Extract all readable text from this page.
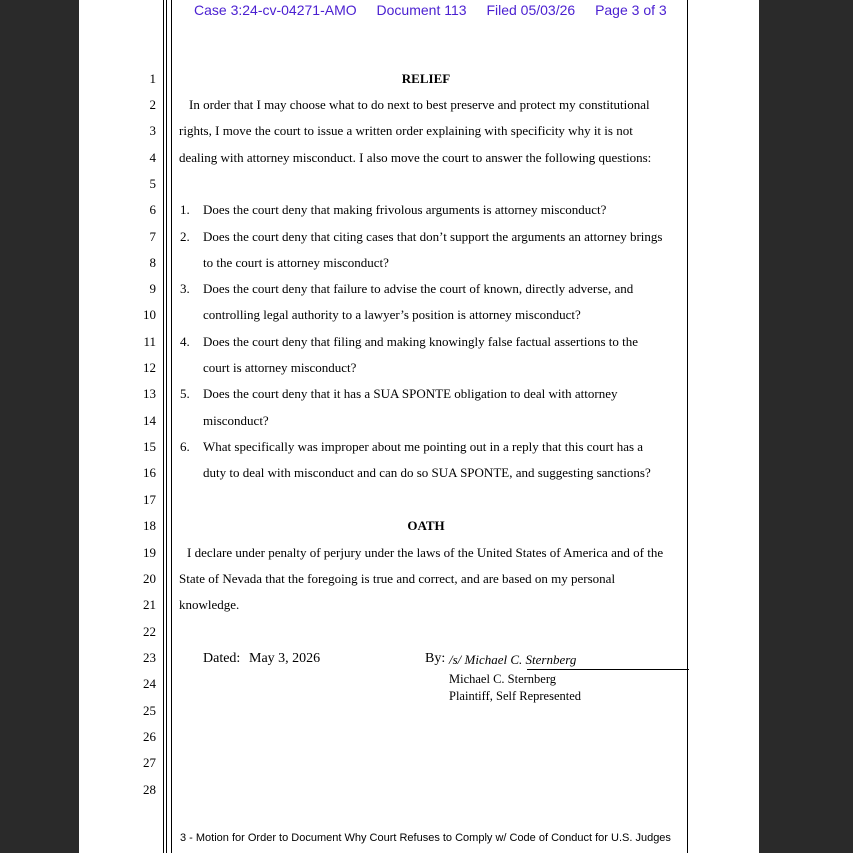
Case 3:24-cv-04271-AMO Document 113 Filed 05/03/26 Page 3 of 3
1
2
3
4
5
6
7
8
9
10
11
12
13
14
15
16
17
18
19
20
21
22
23
24
25
26
27
28
RELIEF
In order that I may choose what to do next to best preserve and protect my constitutional
rights, I move the court to issue a written order explaining with specificity why it is not
dealing with attorney misconduct. I also move the court to answer the following questions:
1. Does the court deny that making frivolous arguments is attorney misconduct?
2. Does the court deny that citing cases that don’t support the arguments an attorney brings
to the court is attorney misconduct?
3. Does the court deny that failure to advise the court of known, directly adverse, and
controlling legal authority to a lawyer’s position is attorney misconduct?
4. Does the court deny that filing and making knowingly false factual assertions to the
court is attorney misconduct?
5. Does the court deny that it has a SUA SPONTE obligation to deal with attorney
misconduct?
6. What specifically was improper about me pointing out in a reply that this court has a
duty to deal with misconduct and can do so SUA SPONTE, and suggesting sanctions?
OATH
I declare under penalty of perjury under the laws of the United States of America and of the
State of Nevada that the foregoing is true and correct, and are based on my personal
knowledge.
Dated: May 3, 2026	By: /s/ Michael C. Sternberg
Michael C. Sternberg
Plaintiff, Self Represented
3 - Motion for Order to Document Why Court Refuses to Comply w/ Code of Conduct for U.S. Judges
